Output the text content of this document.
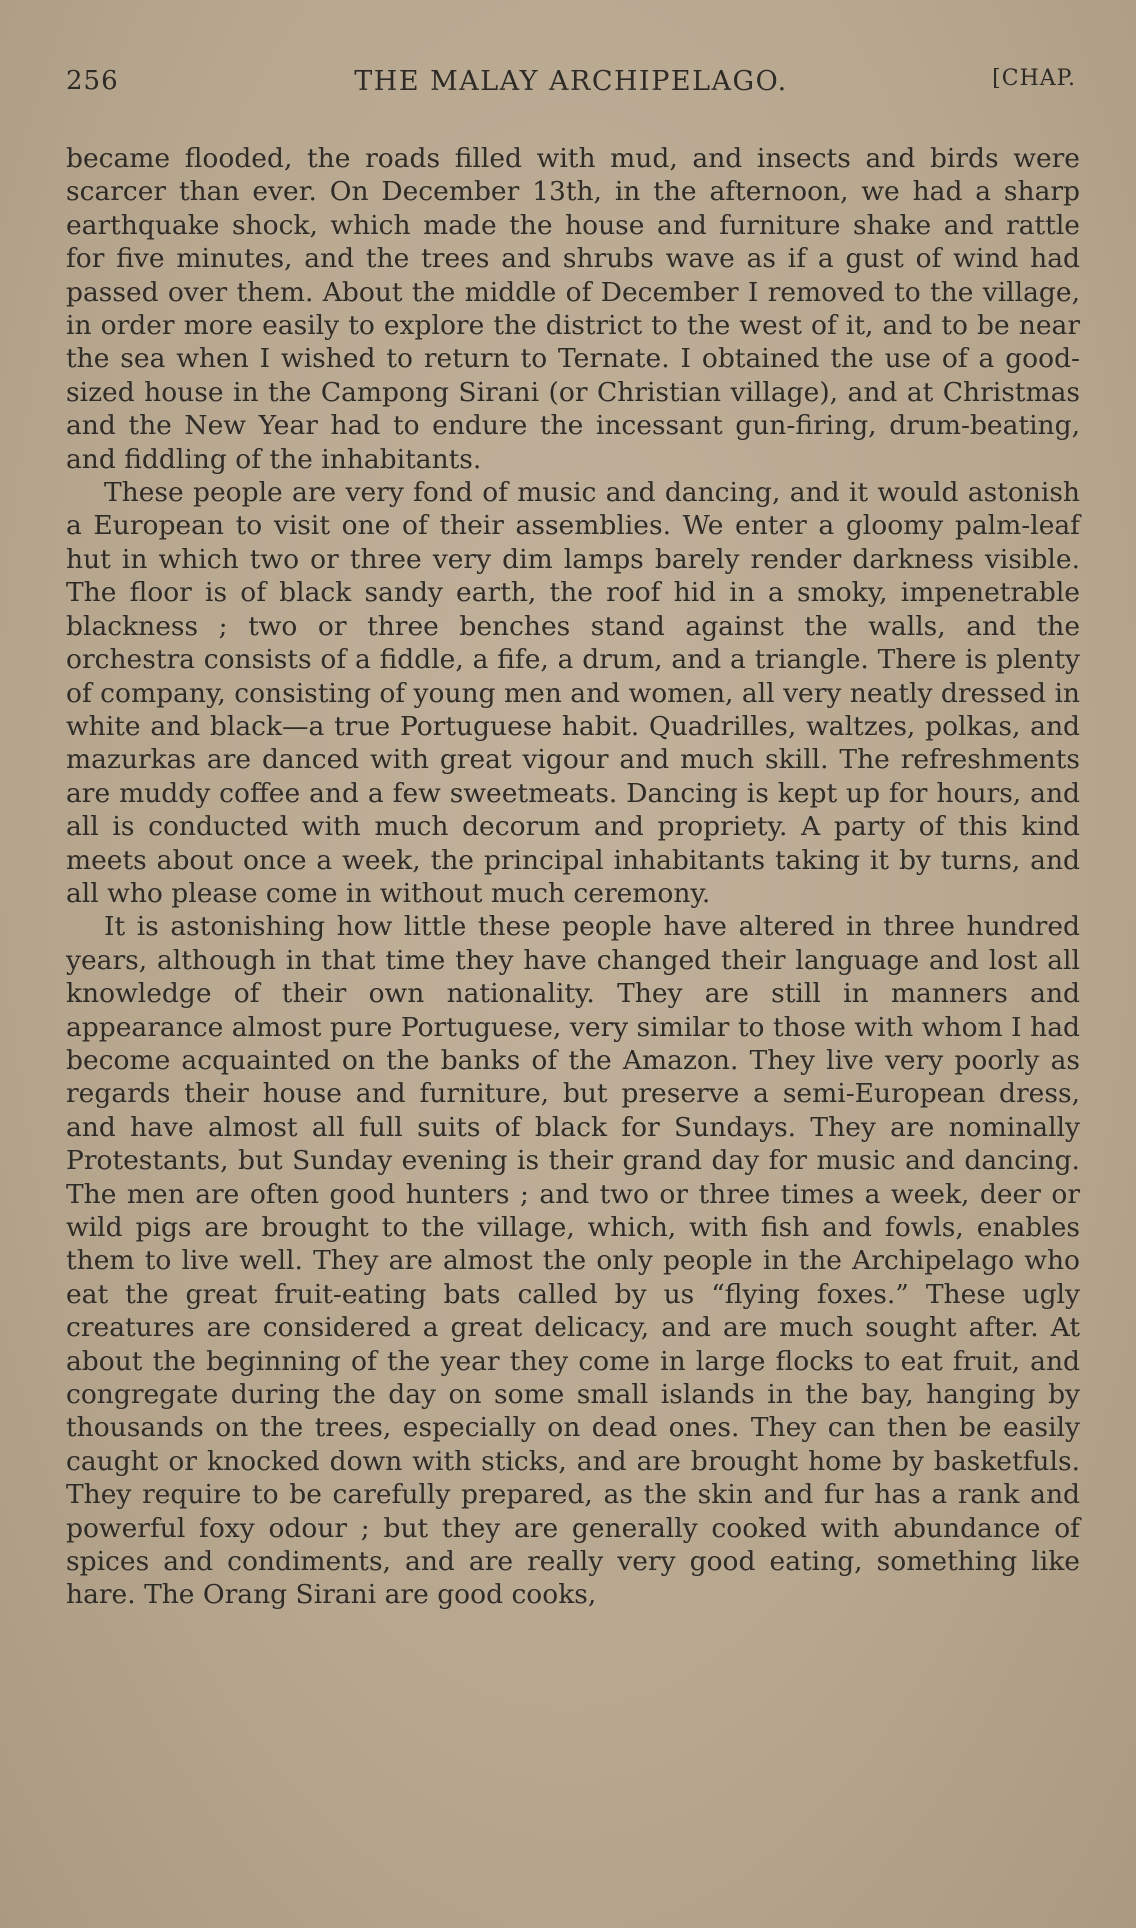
256	THE MALAY ARCHIPELAGO.	[CHAP.

became flooded, the roads filled with mud, and insects and birds were scarcer than ever. On December 13th, in the afternoon, we had a sharp earthquake shock, which made the house and furniture shake and rattle for five minutes, and the trees and shrubs wave as if a gust of wind had passed over them. About the middle of December I removed to the village, in order more easily to explore the district to the west of it, and to be near the sea when I wished to return to Ternate. I obtained the use of a good-sized house in the Campong Sirani (or Christian village), and at Christmas and the New Year had to endure the incessant gun-firing, drum-beating, and fiddling of the inhabitants.

These people are very fond of music and dancing, and it would astonish a European to visit one of their assemblies. We enter a gloomy palm-leaf hut in which two or three very dim lamps barely render darkness visible. The floor is of black sandy earth, the roof hid in a smoky, impenetrable blackness ; two or three benches stand against the walls, and the orchestra consists of a fiddle, a fife, a drum, and a triangle. There is plenty of company, consisting of young men and women, all very neatly dressed in white and black—a true Portuguese habit. Quadrilles, waltzes, polkas, and mazurkas are danced with great vigour and much skill. The refreshments are muddy coffee and a few sweetmeats. Dancing is kept up for hours, and all is conducted with much decorum and propriety. A party of this kind meets about once a week, the principal inhabitants taking it by turns, and all who please come in without much ceremony.

It is astonishing how little these people have altered in three hundred years, although in that time they have changed their language and lost all knowledge of their own nationality. They are still in manners and appearance almost pure Portuguese, very similar to those with whom I had become acquainted on the banks of the Amazon. They live very poorly as regards their house and furniture, but preserve a semi-European dress, and have almost all full suits of black for Sundays. They are nominally Protestants, but Sunday evening is their grand day for music and dancing. The men are often good hunters ; and two or three times a week, deer or wild pigs are brought to the village, which, with fish and fowls, enables them to live well. They are almost the only people in the Archipelago who eat the great fruit-eating bats called by us “flying foxes.” These ugly creatures are considered a great delicacy, and are much sought after. At about the beginning of the year they come in large flocks to eat fruit, and congregate during the day on some small islands in the bay, hanging by thousands on the trees, especially on dead ones. They can then be easily caught or knocked down with sticks, and are brought home by basketfuls. They require to be carefully prepared, as the skin and fur has a rank and powerful foxy odour ; but they are generally cooked with abundance of spices and condiments, and are really very good eating, something like hare. The Orang Sirani are good cooks,
